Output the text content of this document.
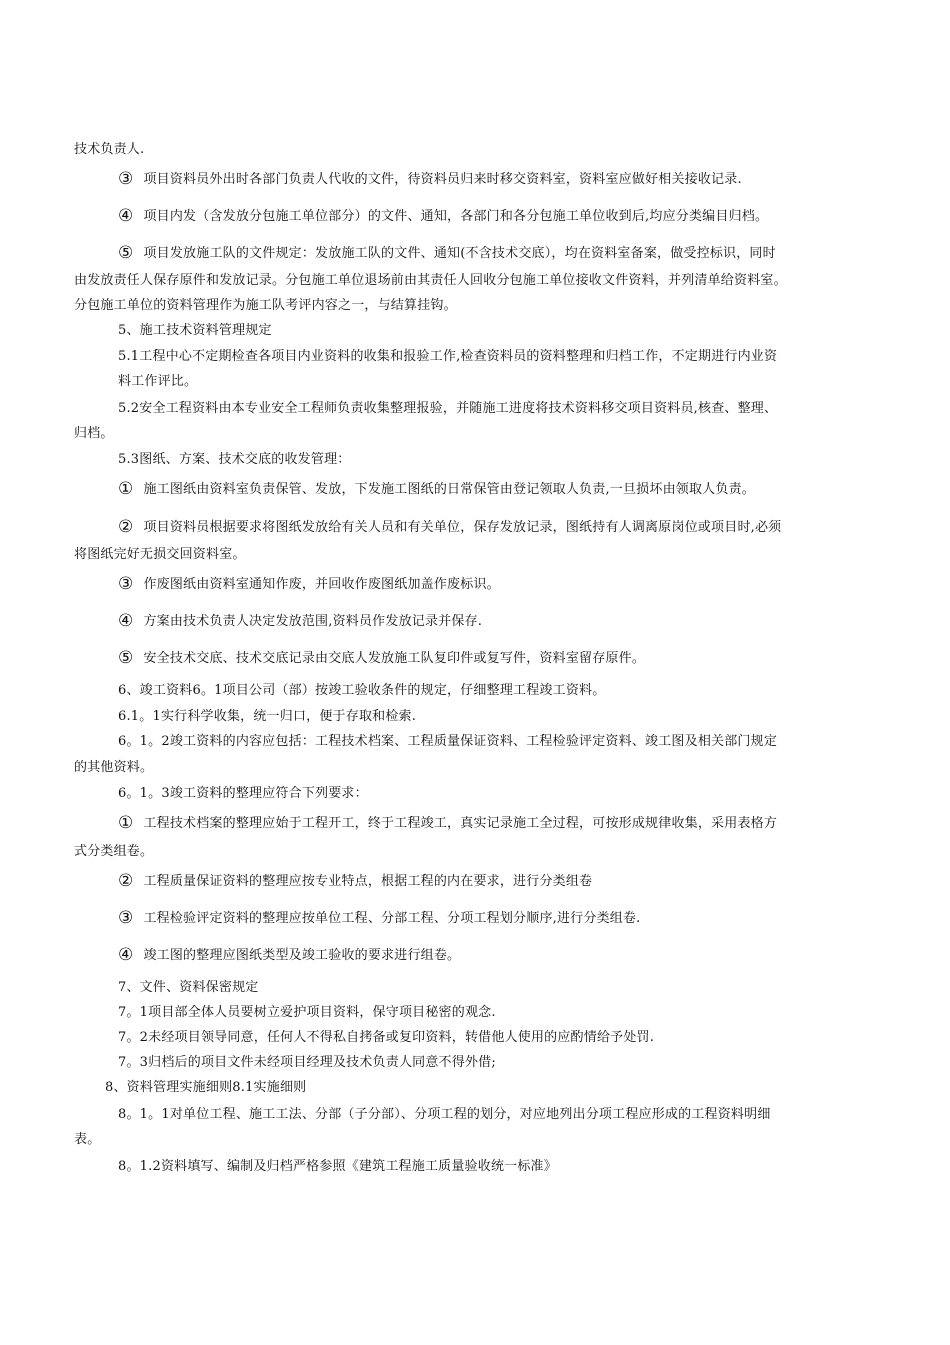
技术负责人.
③ 项目资料员外出时各部门负责人代收的文件，待资料员归来时移交资料室，资料室应做好相关接收记录.
④ 项目内发（含发放分包施工单位部分）的文件、通知，各部门和各分包施工单位收到后,均应分类编目归档。
⑤ 项目发放施工队的文件规定：发放施工队的文件、通知(不含技术交底），均在资料室备案，做受控标识，同时
由发放责任人保存原件和发放记录。分包施工单位退场前由其责任人回收分包施工单位接收文件资料，并列清单给资料室。
分包施工单位的资料管理作为施工队考评内容之一，与结算挂钩。
5、施工技术资料管理规定
5.1工程中心不定期检查各项目内业资料的收集和报验工作,检查资料员的资料整理和归档工作，不定期进行内业资
料工作评比。
5.2安全工程资料由本专业安全工程师负责收集整理报验，并随施工进度将技术资料移交项目资料员,核查、整理、
归档。
5.3图纸、方案、技术交底的收发管理：
① 施工图纸由资料室负责保管、发放，下发施工图纸的日常保管由登记领取人负责,一旦损坏由领取人负责。
② 项目资料员根据要求将图纸发放给有关人员和有关单位，保存发放记录，图纸持有人调离原岗位或项目时,必须
将图纸完好无损交回资料室。
③ 作废图纸由资料室通知作废，并回收作废图纸加盖作废标识。
④ 方案由技术负责人决定发放范围,资料员作发放记录并保存.
⑤ 安全技术交底、技术交底记录由交底人发放施工队复印件或复写件，资料室留存原件。
6、竣工资料6。1项目公司（部）按竣工验收条件的规定，仔细整理工程竣工资料。
6.1。1实行科学收集，统一归口，便于存取和检索.
6。1。2竣工资料的内容应包括：工程技术档案、工程质量保证资料、工程检验评定资料、竣工图及相关部门规定
的其他资料。
6。1。3竣工资料的整理应符合下列要求：
① 工程技术档案的整理应始于工程开工，终于工程竣工，真实记录施工全过程，可按形成规律收集，采用表格方
式分类组卷。
② 工程质量保证资料的整理应按专业特点，根据工程的内在要求，进行分类组卷
③ 工程检验评定资料的整理应按单位工程、分部工程、分项工程划分顺序,进行分类组卷.
④ 竣工图的整理应图纸类型及竣工验收的要求进行组卷。
7、文件、资料保密规定
7。1项目部全体人员要树立爱护项目资料，保守项目秘密的观念.
7。2未经项目领导同意，任何人不得私自拷备或复印资料，转借他人使用的应酌情给予处罚.
7。3归档后的项目文件未经项目经理及技术负责人同意不得外借;
8、资料管理实施细则8.1实施细则
8。1。1对单位工程、施工工法、分部（子分部）、分项工程的划分，对应地列出分项工程应形成的工程资料明细
表。
8。1.2资料填写、编制及归档严格参照《建筑工程施工质量验收统一标准》
